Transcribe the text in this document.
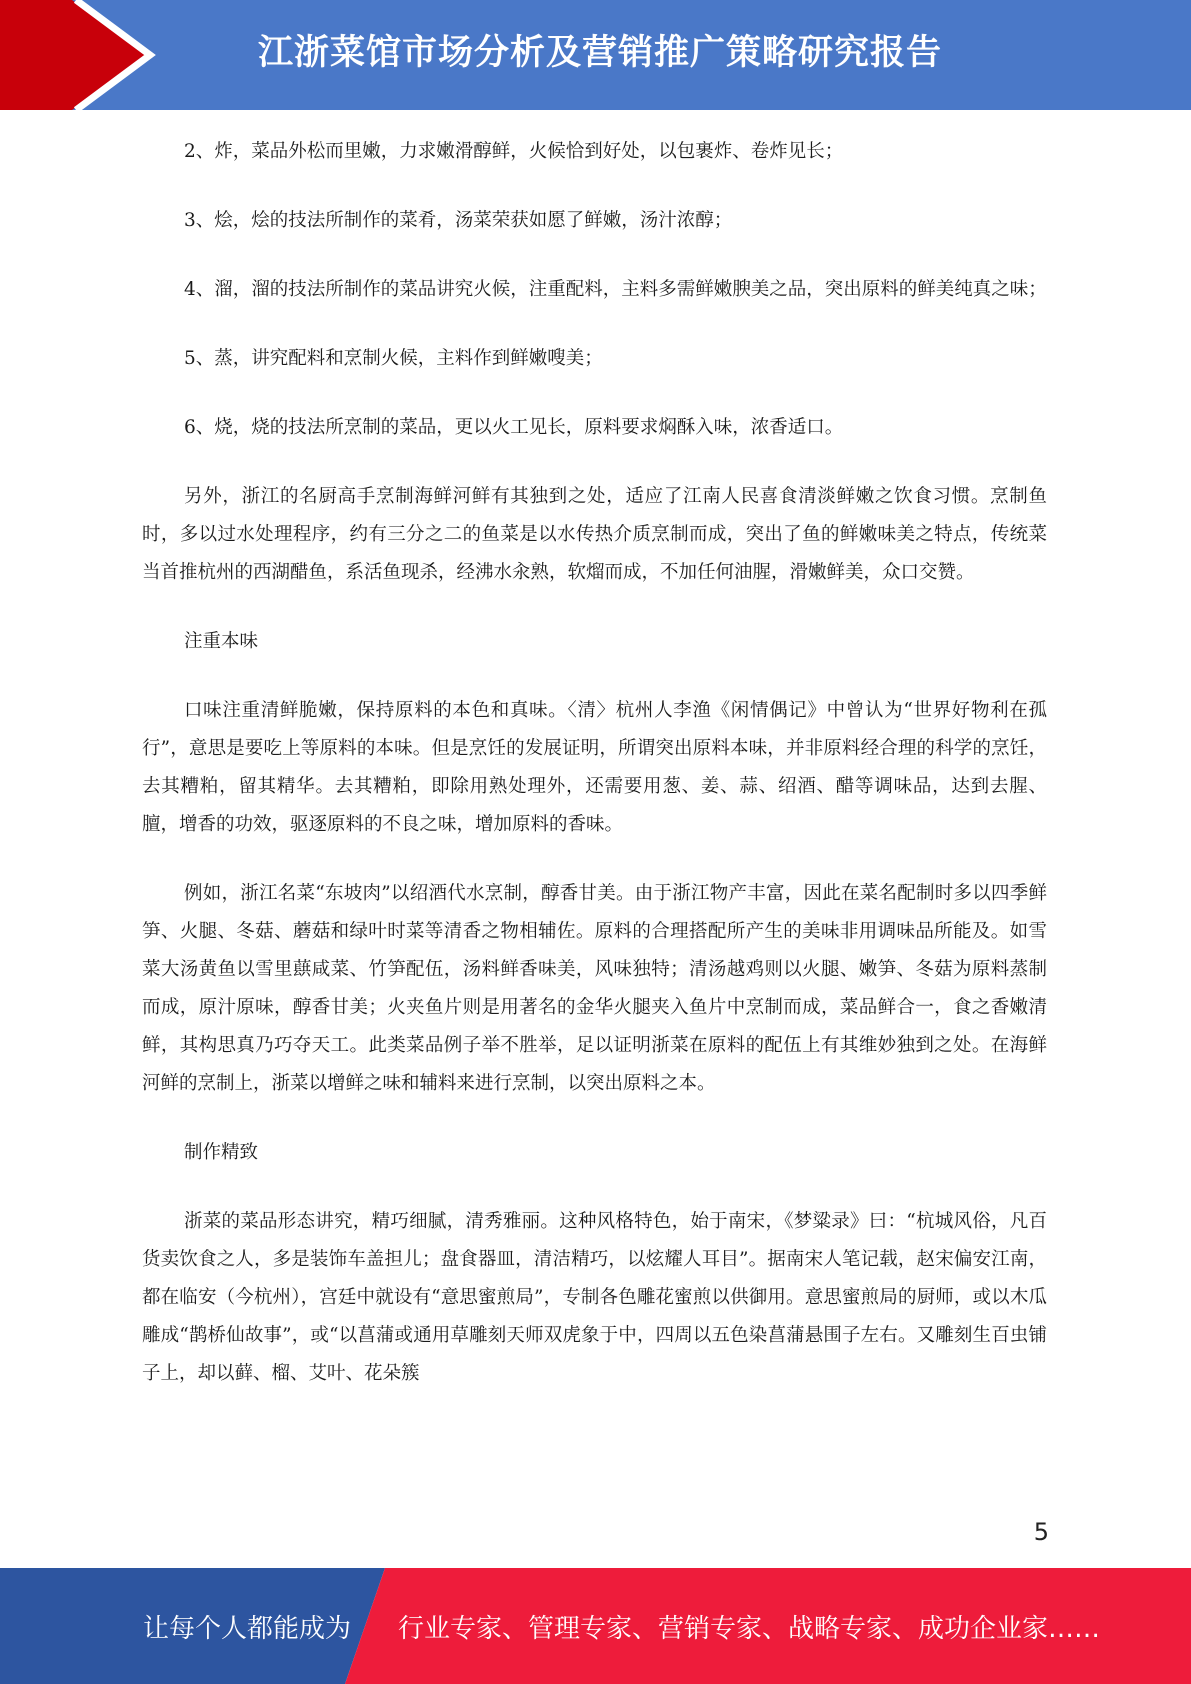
江浙菜馆市场分析及营销推广策略研究报告

2、炸，菜品外松而里嫩，力求嫩滑醇鲜，火候恰到好处，以包裹炸、卷炸见长；

3、烩，烩的技法所制作的菜肴，汤菜荣获如愿了鲜嫩，汤汁浓醇；

4、溜，溜的技法所制作的菜品讲究火候，注重配料，主料多需鲜嫩腴美之品，突出原料的鲜美纯真之味；

5、蒸，讲究配料和烹制火候，主料作到鲜嫩嗖美；

6、烧，烧的技法所烹制的菜品，更以火工见长，原料要求焖酥入味，浓香适口。

另外，浙江的名厨高手烹制海鲜河鲜有其独到之处，适应了江南人民喜食清淡鲜嫩之饮食习惯。烹制鱼时，多以过水处理程序，约有三分之二的鱼菜是以水传热介质烹制而成，突出了鱼的鲜嫩味美之特点，传统菜当首推杭州的西湖醋鱼，系活鱼现杀，经沸水汆熟，软熘而成，不加任何油腥，滑嫩鲜美，众口交赞。

注重本味

口味注重清鲜脆嫩，保持原料的本色和真味。〈清〉杭州人李渔《闲情偶记》中曾认为“世界好物利在孤行”，意思是要吃上等原料的本味。但是烹饪的发展证明，所谓突出原料本味，并非原料经合理的科学的烹饪，去其糟粕，留其精华。去其糟粕，即除用熟处理外，还需要用葱、姜、蒜、绍酒、醋等调味品，达到去腥、膻，增香的功效，驱逐原料的不良之味，增加原料的香味。

例如，浙江名菜“东坡肉”以绍酒代水烹制，醇香甘美。由于浙江物产丰富，因此在菜名配制时多以四季鲜笋、火腿、冬菇、蘑菇和绿叶时菜等清香之物相辅佐。原料的合理搭配所产生的美味非用调味品所能及。如雪菜大汤黄鱼以雪里蕻咸菜、竹笋配伍，汤料鲜香味美，风味独特；清汤越鸡则以火腿、嫩笋、冬菇为原料蒸制而成，原汁原味，醇香甘美；火夹鱼片则是用著名的金华火腿夹入鱼片中烹制而成，菜品鲜合一，食之香嫩清鲜，其构思真乃巧夺天工。此类菜品例子举不胜举，足以证明浙菜在原料的配伍上有其维妙独到之处。在海鲜河鲜的烹制上，浙菜以增鲜之味和辅料来进行烹制，以突出原料之本。

制作精致

浙菜的菜品形态讲究，精巧细腻，清秀雅丽。这种风格特色，始于南宋，《梦粱录》曰：“杭城风俗，凡百货卖饮食之人，多是装饰车盖担儿；盘食器皿，清洁精巧，以炫耀人耳目”。据南宋人笔记载，赵宋偏安江南，都在临安（今杭州），宫廷中就设有“意思蜜煎局”，专制各色雕花蜜煎以供御用。意思蜜煎局的厨师，或以木瓜雕成“鹊桥仙故事”，或“以菖蒲或通用草雕刻天师双虎象于中，四周以五色染菖蒲悬围子左右。又雕刻生百虫铺子上，却以藓、榴、艾叶、花朵簇

5
让每个人都能成为 行业专家、管理专家、营销专家、战略专家、成功企业家……
